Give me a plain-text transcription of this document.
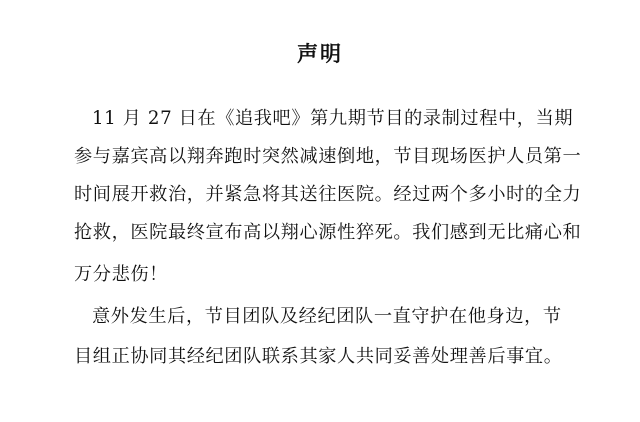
声明
11 月 27 日在《追我吧》第九期节目的录制过程中，当期
参与嘉宾高以翔奔跑时突然减速倒地，节目现场医护人员第一
时间展开救治，并紧急将其送往医院。经过两个多小时的全力
抢救，医院最终宣布高以翔心源性猝死。我们感到无比痛心和
万分悲伤！
意外发生后，节目团队及经纪团队一直守护在他身边，节
目组正协同其经纪团队联系其家人共同妥善处理善后事宜。
